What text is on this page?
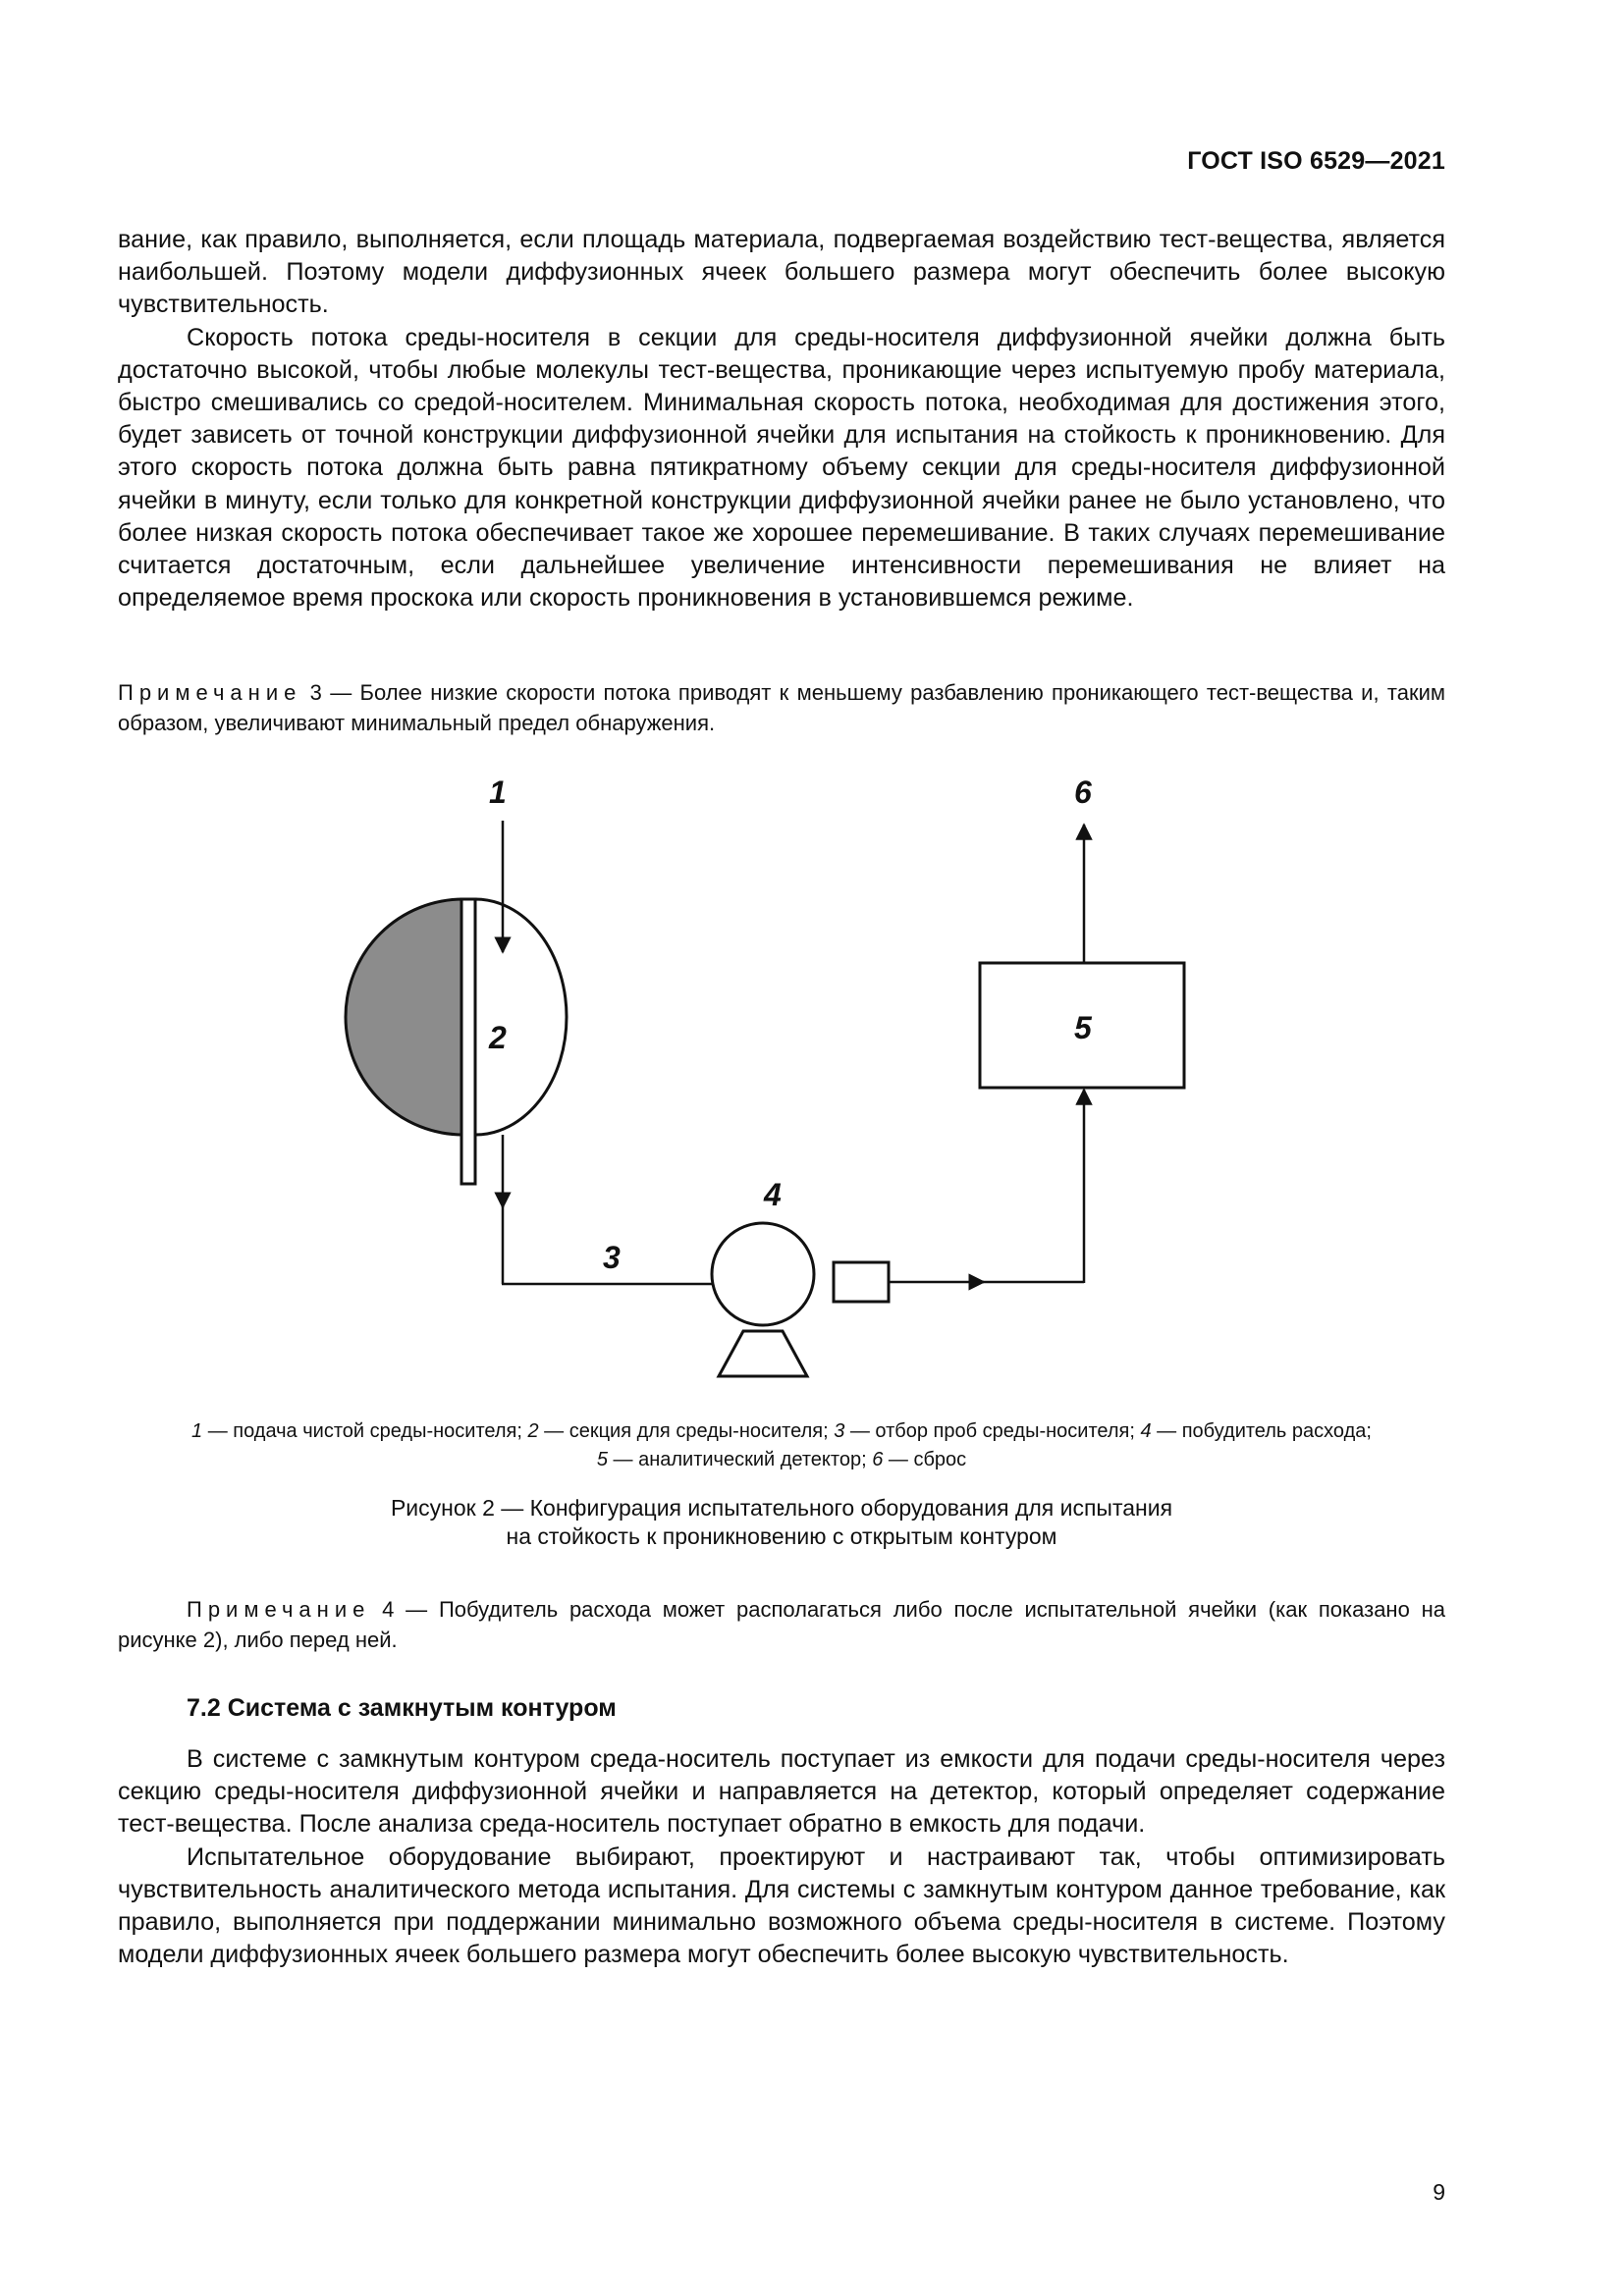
ГОСТ ISO 6529—2021

вание, как правило, выполняется, если площадь материала, подвергаемая воздействию тест-вещества, является наибольшей. Поэтому модели диффузионных ячеек большего размера могут обеспечить более высокую чувствительность.

Скорость потока среды-носителя в секции для среды-носителя диффузионной ячейки должна быть достаточно высокой, чтобы любые молекулы тест-вещества, проникающие через испытуемую пробу материала, быстро смешивались со средой-носителем. Минимальная скорость потока, необходимая для достижения этого, будет зависеть от точной конструкции диффузионной ячейки для испытания на стойкость к проникновению. Для этого скорость потока должна быть равна пятикратному объему секции для среды-носителя диффузионной ячейки в минуту, если только для конкретной конструкции диффузионной ячейки ранее не было установлено, что более низкая скорость потока обеспечивает такое же хорошее перемешивание. В таких случаях перемешивание считается достаточным, если дальнейшее увеличение интенсивности перемешивания не влияет на определяемое время проскока или скорость проникновения в установившемся режиме.

Примечание 3 — Более низкие скорости потока приводят к меньшему разбавлению проникающего тест-вещества и, таким образом, увеличивают минимальный предел обнаружения.

1
2
3
4
5
6
1 — подача чистой среды-носителя; 2 — секция для среды-носителя; 3 — отбор проб среды-носителя; 4 — побудитель расхода;
5 — аналитический детектор; 6 — сброс
Рисунок 2 — Конфигурация испытательного оборудования для испытания
на стойкость к проникновению с открытым контуром

Примечание 4 — Побудитель расхода может располагаться либо после испытательной ячейки (как показано на рисунке 2), либо перед ней.

7.2 Система с замкнутым контуром

В системе с замкнутым контуром среда-носитель поступает из емкости для подачи среды-носителя через секцию среды-носителя диффузионной ячейки и направляется на детектор, который определяет содержание тест-вещества. После анализа среда-носитель поступает обратно в емкость для подачи.

Испытательное оборудование выбирают, проектируют и настраивают так, чтобы оптимизировать чувствительность аналитического метода испытания. Для системы с замкнутым контуром данное требование, как правило, выполняется при поддержании минимально возможного объема среды-носителя в системе. Поэтому модели диффузионных ячеек большего размера могут обеспечить более высокую чувствительность.

9
